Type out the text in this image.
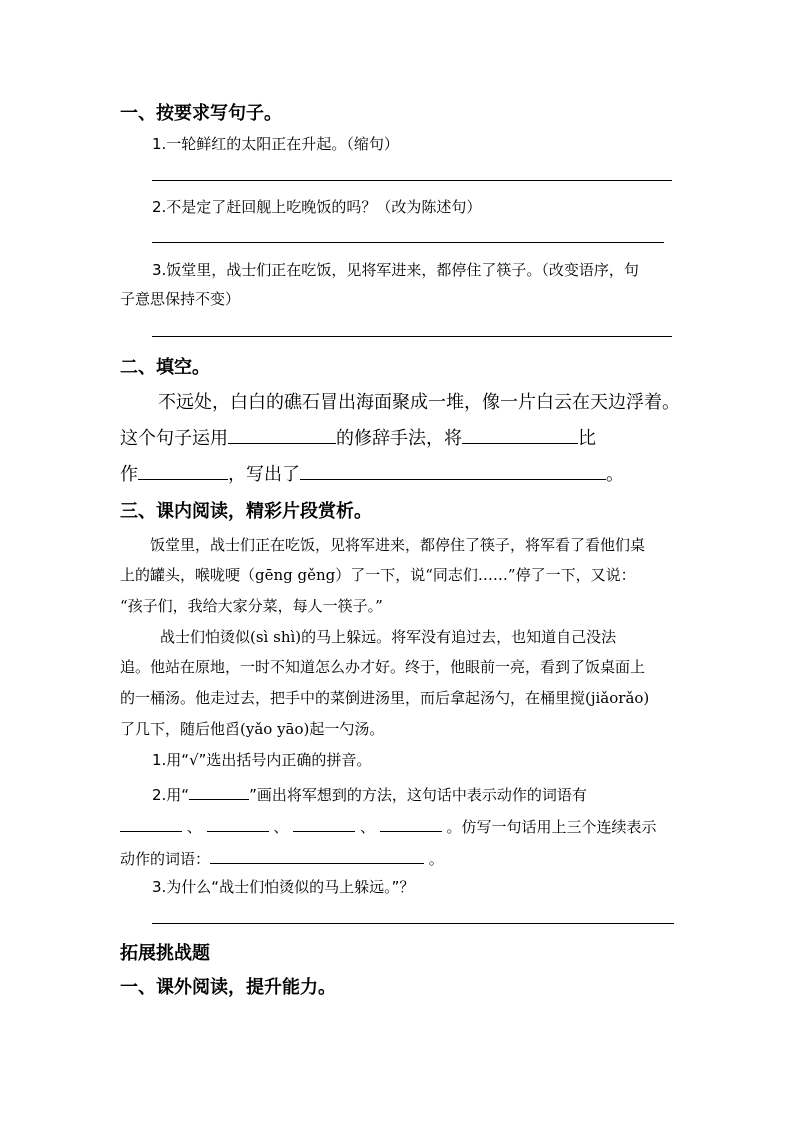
一、按要求写句子。
1.一轮鲜红的太阳正在升起。（缩句）
2.不是定了赶回舰上吃晚饭的吗？（改为陈述句）
3.饭堂里，战士们正在吃饭，见将军进来，都停住了筷子。（改变语序，句
子意思保持不变）
二、填空。
不远处，白白的礁石冒出海面聚成一堆，像一片白云在天边浮着。
这个句子运用	的修辞手法，将	比
作	，写出了	。
三、课内阅读，精彩片段赏析。
饭堂里，战士们正在吃饭，见将军进来，都停住了筷子，将军看了看他们桌
上的罐头，喉咙哽（gēng gěng）了一下，说“同志们……”停了一下，又说：
“孩子们，我给大家分菜，每人一筷子。”
战士们怕烫似(sì shì)的马上躲远。将军没有追过去，也知道自己没法
追。他站在原地，一时不知道怎么办才好。终于，他眼前一亮，看到了饭桌面上
的一桶汤。他走过去，把手中的菜倒进汤里，而后拿起汤勺，在桶里搅(jiǎorǎo)
了几下，随后他舀(yǎo yāo)起一勺汤。
1.用“√”选出括号内正确的拼音。
2.用“	”画出将军想到的方法，这句话中表示动作的词语有
、	、	、	。仿写一句话用上三个连续表示
动作的词语：	。
3.为什么“战士们怕烫似的马上躲远。”？
拓展挑战题
一、课外阅读，提升能力。
